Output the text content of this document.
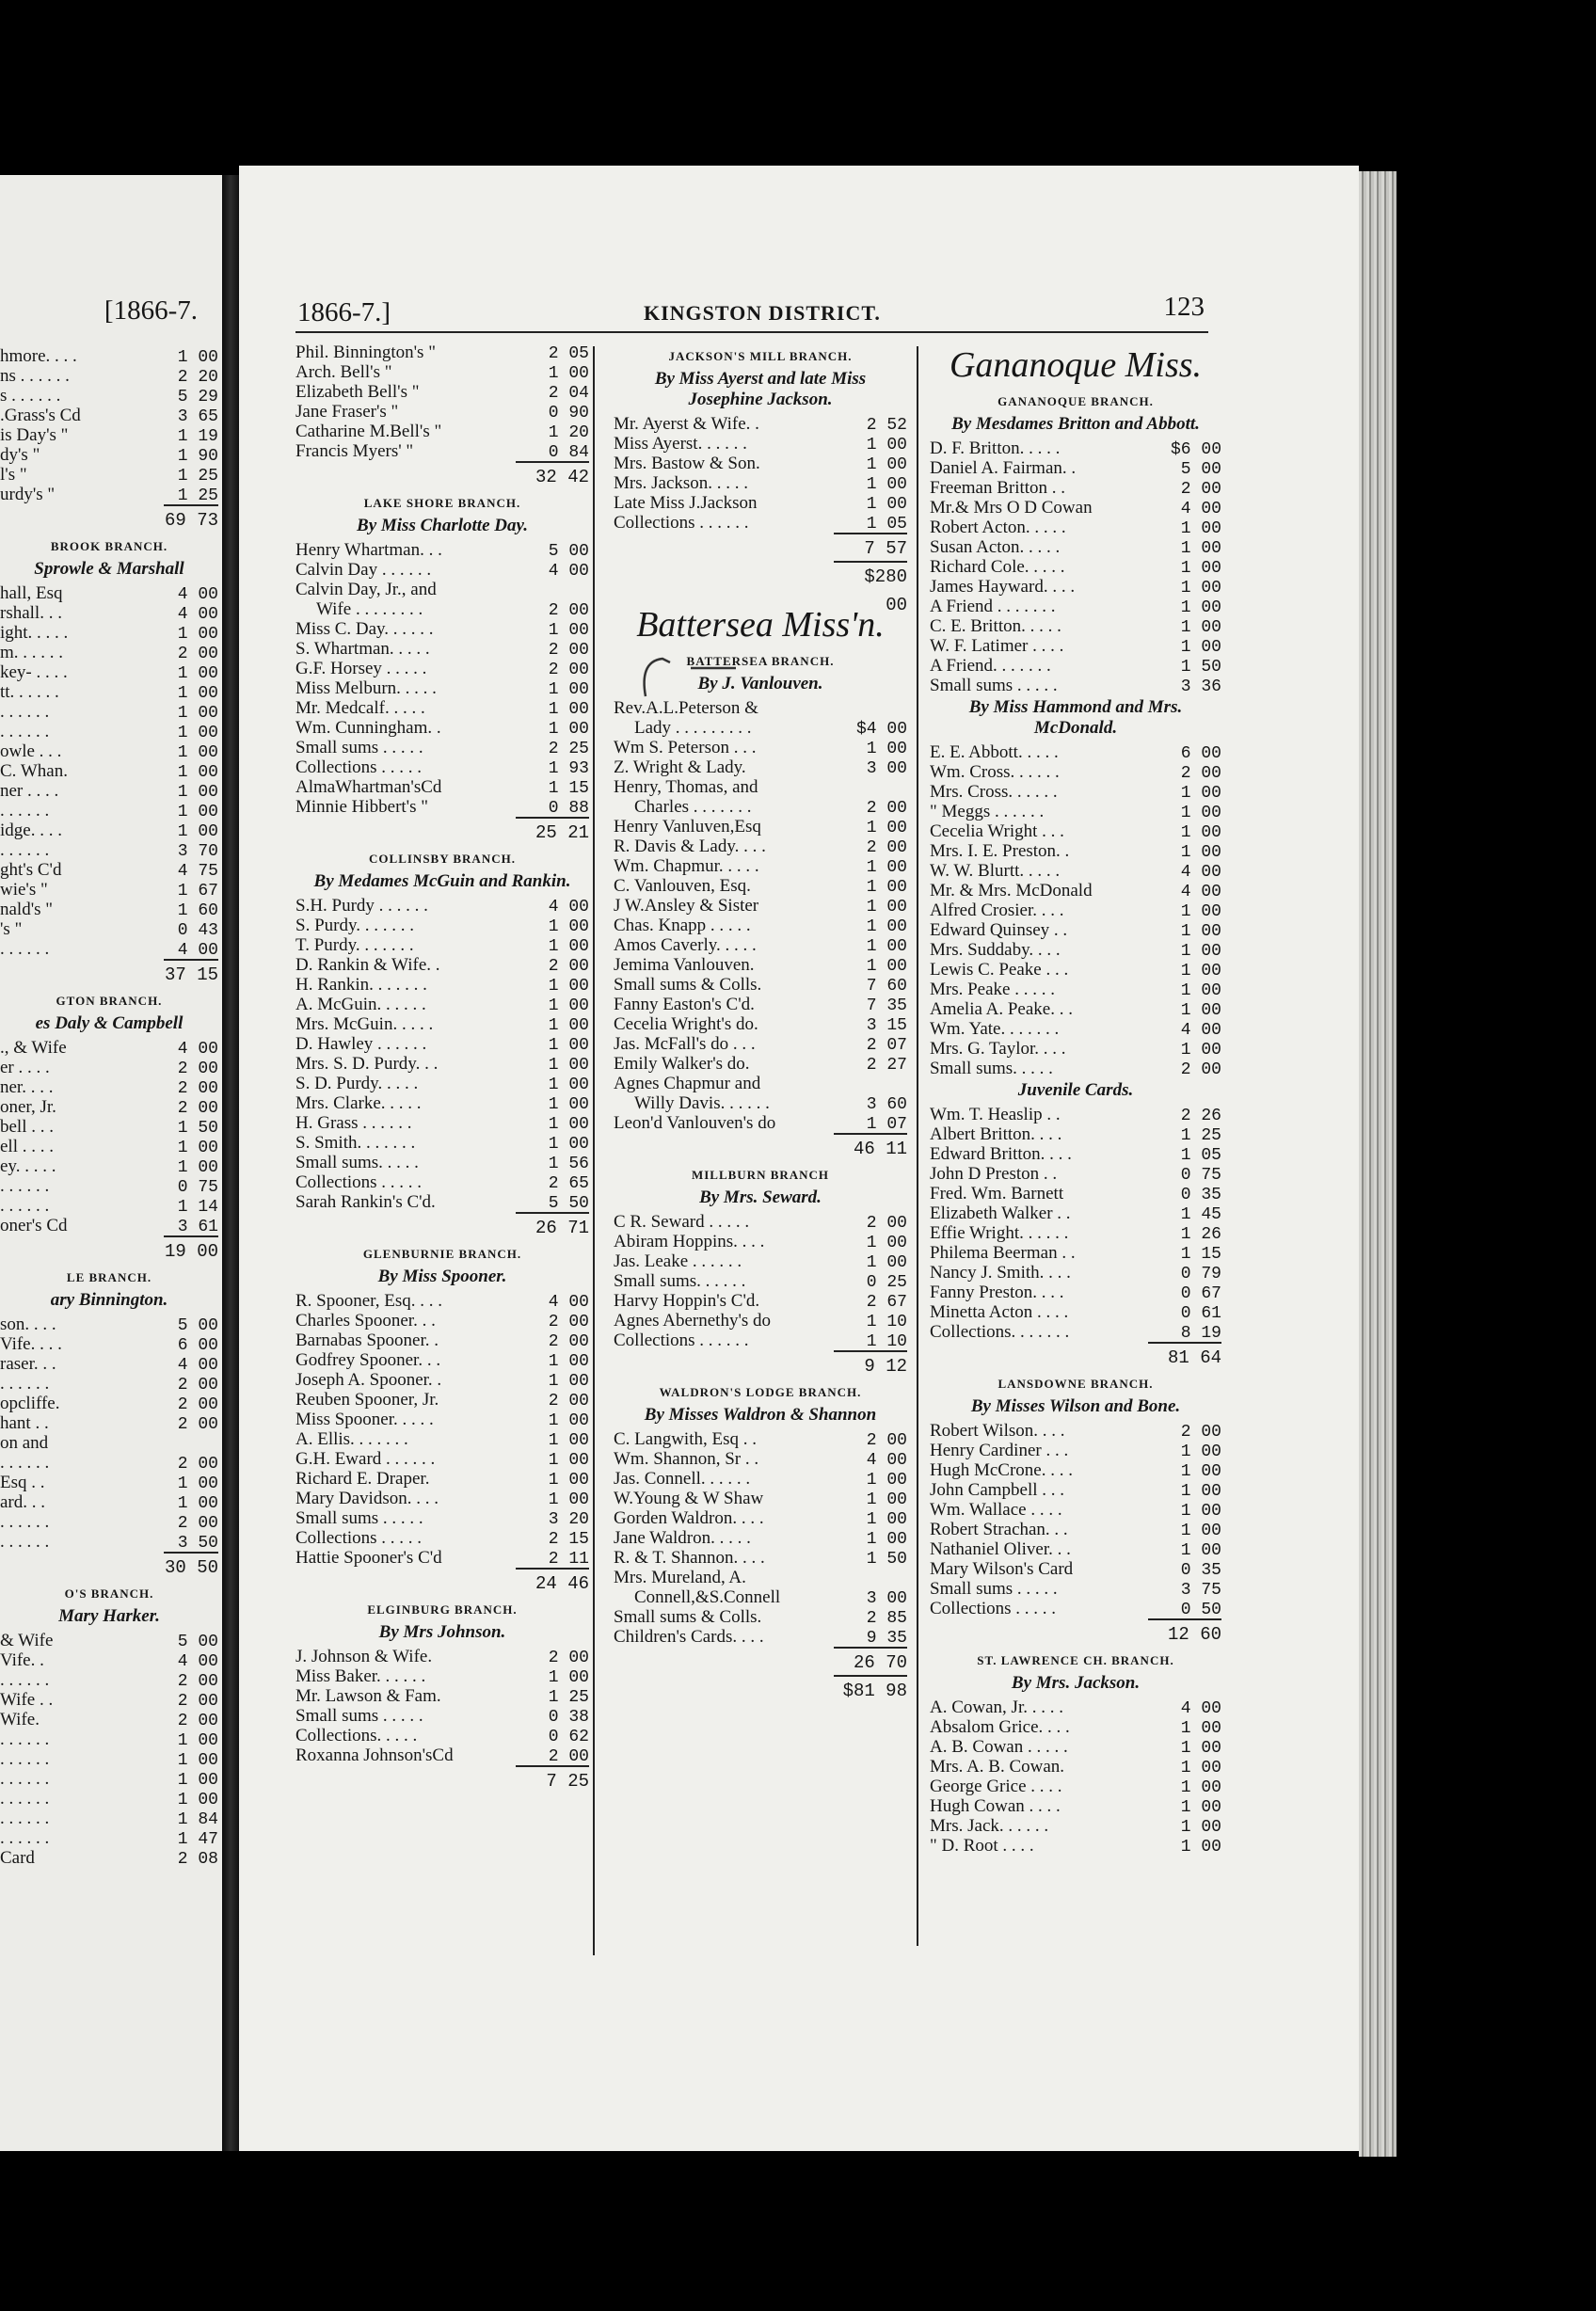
[1866-7.
hmore. . . .	1 00
ns . . . . . .	2 20
s . . . . . .	5 29
.Grass's Cd	3 65
is Day's "	1 19
dy's "	1 90
l's "	1 25
urdy's "	1 25
69 73
BROOK BRANCH.
Sprowle & Marshall
hall, Esq	4 00
rshall. . .	4 00
ight. . . . .	1 00
m. . . . . .	2 00
key- . . . .	1 00
tt. . . . . .	1 00
. . . . . .	1 00
. . . . . .	1 00
owle . . .	1 00
C. Whan.	1 00
ner . . . .	1 00
. . . . . .	1 00
idge. . . .	1 00
. . . . . .	3 70
ght's C'd	4 75
wie's "	1 67
nald's "	1 60
's "	0 43
. . . . . .	4 00
37 15
GTON BRANCH.
es Daly & Campbell
., & Wife	4 00
er . . . .	2 00
ner. . . .	2 00
oner, Jr.	2 00
bell . . .	1 50
ell . . . .	1 00
ey. . . . .	1 00
. . . . . .	0 75
. . . . . .	1 14
oner's Cd	3 61
19 00
LE BRANCH.
ary Binnington.
son. . . .	5 00
Vife. . . .	6 00
raser. . .	4 00
. . . . . .	2 00
opcliffe.	2 00
hant . .	2 00
on and
. . . . . .	2 00
Esq . .	1 00
ard. . .	1 00
. . . . . .	2 00
. . . . . .	3 50
30 50
O'S BRANCH.
Mary Harker.
& Wife	5 00
Vife. .	4 00
. . . . . .	2 00
Wife . .	2 00
Wife.	2 00
. . . . . .	1 00
. . . . . .	1 00
. . . . . .	1 00
. . . . . .	1 00
. . . . . .	1 84
. . . . . .	1 47
Card	2 08
1866-7.]	KINGSTON DISTRICT.	123
Phil. Binnington's "	2 05
Arch. Bell's "	1 00
Elizabeth Bell's "	2 04
Jane Fraser's "	0 90
Catharine M.Bell's "	1 20
Francis Myers' "	0 84
32 42
LAKE SHORE BRANCH.
By Miss Charlotte Day.
Henry Whartman. . .	5 00
Calvin Day . . . . . .	4 00
Calvin Day, Jr., and
Wife . . . . . . . .	2 00
Miss C. Day. . . . . .	1 00
S. Whartman. . . . .	2 00
G.F. Horsey . . . . .	2 00
Miss Melburn. . . . .	1 00
Mr. Medcalf. . . . .	1 00
Wm. Cunningham. .	1 00
Small sums . . . . .	2 25
Collections . . . . .	1 93
AlmaWhartman'sCd	1 15
Minnie Hibbert's "	0 88
25 21
COLLINSBY BRANCH.
By Medames McGuin and Rankin.
S.H. Purdy . . . . . .	4 00
S. Purdy. . . . . . .	1 00
T. Purdy. . . . . . .	1 00
D. Rankin & Wife. .	2 00
H. Rankin. . . . . . .	1 00
A. McGuin. . . . . .	1 00
Mrs. McGuin. . . . .	1 00
D. Hawley . . . . . .	1 00
Mrs. S. D. Purdy. . .	1 00
S. D. Purdy. . . . .	1 00
Mrs. Clarke. . . . .	1 00
H. Grass . . . . . .	1 00
S. Smith. . . . . . .	1 00
Small sums. . . . .	1 56
Collections . . . . .	2 65
Sarah Rankin's C'd.	5 50
26 71
GLENBURNIE BRANCH.
By Miss Spooner.
R. Spooner, Esq. . . .	4 00
Charles Spooner. . .	2 00
Barnabas Spooner. .	2 00
Godfrey Spooner. . .	1 00
Joseph A. Spooner. .	1 00
Reuben Spooner, Jr.	2 00
Miss Spooner. . . . .	1 00
A. Ellis. . . . . . .	1 00
G.H. Eward . . . . . .	1 00
Richard E. Draper.	1 00
Mary Davidson. . . .	1 00
Small sums . . . . .	3 20
Collections . . . . .	2 15
Hattie Spooner's C'd	2 11
24 46
ELGINBURG BRANCH.
By Mrs Johnson.
J. Johnson & Wife.	2 00
Miss Baker. . . . . .	1 00
Mr. Lawson & Fam.	1 25
Small sums . . . . .	0 38
Collections. . . . .	0 62
Roxanna Johnson'sCd	2 00
7 25
JACKSON'S MILL BRANCH.
By Miss Ayerst and late Miss Josephine Jackson.
Mr. Ayerst & Wife. .	2 52
Miss Ayerst. . . . . .	1 00
Mrs. Bastow & Son.	1 00
Mrs. Jackson. . . . .	1 00
Late Miss J.Jackson	1 00
Collections . . . . . .	1 05
7 57
$280 00
Battersea Miss'n.
BATTERSEA BRANCH.
By J. Vanlouven.
Rev.A.L.Peterson &
Lady . . . . . . . . .	$4 00
Wm S. Peterson . . .	1 00
Z. Wright & Lady.	3 00
Henry, Thomas, and
Charles . . . . . . .	2 00
Henry Vanluven,Esq	1 00
R. Davis & Lady. . . .	2 00
Wm. Chapmur. . . . .	1 00
C. Vanlouven, Esq.	1 00
J W.Ansley & Sister	1 00
Chas. Knapp . . . . .	1 00
Amos Caverly. . . . .	1 00
Jemima Vanlouven.	1 00
Small sums & Colls.	7 60
Fanny Easton's C'd.	7 35
Cecelia Wright's do.	3 15
Jas. McFall's do . . .	2 07
Emily Walker's do.	2 27
Agnes Chapmur and
Willy Davis. . . . . .	3 60
Leon'd Vanlouven's do	1 07
46 11
MILLBURN BRANCH
By Mrs. Seward.
C R. Seward . . . . .	2 00
Abiram Hoppins. . . .	1 00
Jas. Leake . . . . . .	1 00
Small sums. . . . . .	0 25
Harvy Hoppin's C'd.	2 67
Agnes Abernethy's do	1 10
Collections . . . . . .	1 10
9 12
WALDRON'S LODGE BRANCH.
By Misses Waldron & Shannon
C. Langwith, Esq . .	2 00
Wm. Shannon, Sr . .	4 00
Jas. Connell. . . . . .	1 00
W.Young & W Shaw	1 00
Gorden Waldron. . . .	1 00
Jane Waldron. . . . .	1 00
R. & T. Shannon. . . .	1 50
Mrs. Mureland, A.
Connell,&S.Connell	3 00
Small sums & Colls.	2 85
Children's Cards. . . .	9 35
26 70
$81 98
Gananoque Miss.
GANANOQUE BRANCH.
By Mesdames Britton and Abbott.
D. F. Britton. . . . .	$6 00
Daniel A. Fairman. .	5 00
Freeman Britton . .	2 00
Mr.& Mrs O D Cowan	4 00
Robert Acton. . . . .	1 00
Susan Acton. . . . .	1 00
Richard Cole. . . . .	1 00
James Hayward. . . .	1 00
A Friend . . . . . . .	1 00
C. E. Britton. . . . .	1 00
W. F. Latimer . . . .	1 00
A Friend. . . . . . .	1 50
Small sums . . . . .	3 36
By Miss Hammond and Mrs. McDonald.
E. E. Abbott. . . . .	6 00
Wm. Cross. . . . . .	2 00
Mrs. Cross. . . . . .	1 00
" Meggs . . . . . .	1 00
Cecelia Wright . . .	1 00
Mrs. I. E. Preston. .	1 00
W. W. Blurtt. . . . .	4 00
Mr. & Mrs. McDonald	4 00
Alfred Crosier. . . .	1 00
Edward Quinsey . .	1 00
Mrs. Suddaby. . . .	1 00
Lewis C. Peake . . .	1 00
Mrs. Peake . . . . .	1 00
Amelia A. Peake. . .	1 00
Wm. Yate. . . . . . .	4 00
Mrs. G. Taylor. . . .	1 00
Small sums. . . . .	2 00
Juvenile Cards.
Wm. T. Heaslip . .	2 26
Albert Britton. . . .	1 25
Edward Britton. . . .	1 05
John D Preston . .	0 75
Fred. Wm. Barnett	0 35
Elizabeth Walker . .	1 45
Effie Wright. . . . . .	1 26
Philema Beerman . .	1 15
Nancy J. Smith. . . .	0 79
Fanny Preston. . . .	0 67
Minetta Acton . . . .	0 61
Collections. . . . . . .	8 19
81 64
LANSDOWNE BRANCH.
By Misses Wilson and Bone.
Robert Wilson. . . .	2 00
Henry Cardiner . . .	1 00
Hugh McCrone. . . .	1 00
John Campbell . . .	1 00
Wm. Wallace . . . .	1 00
Robert Strachan. . .	1 00
Nathaniel Oliver. . .	1 00
Mary Wilson's Card	0 35
Small sums . . . . .	3 75
Collections . . . . .	0 50
12 60
ST. LAWRENCE CH. BRANCH.
By Mrs. Jackson.
A. Cowan, Jr. . . . .	4 00
Absalom Grice. . . .	1 00
A. B. Cowan . . . . .	1 00
Mrs. A. B. Cowan.	1 00
George Grice . . . .	1 00
Hugh Cowan . . . .	1 00
Mrs. Jack. . . . . .	1 00
" D. Root . . . .	1 00
